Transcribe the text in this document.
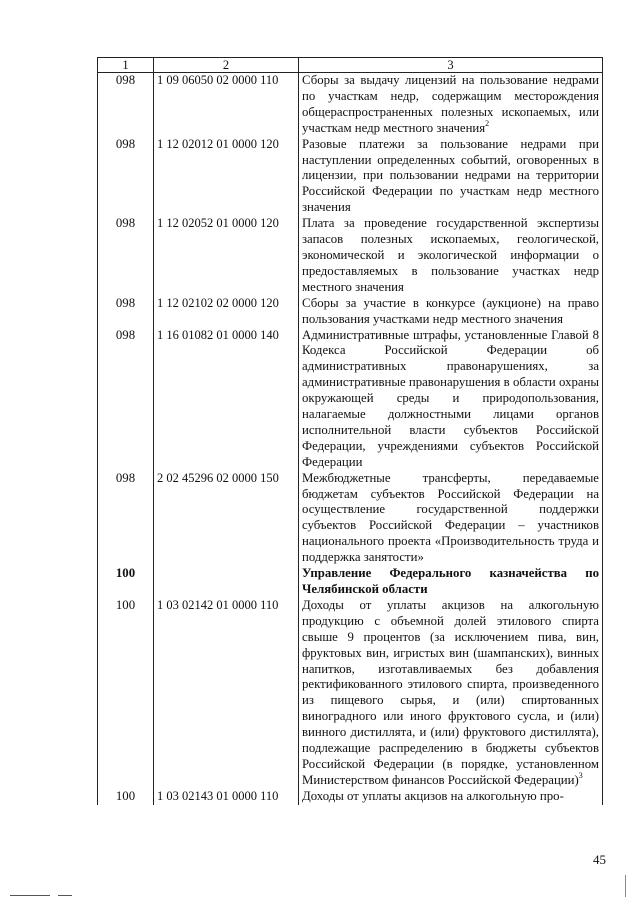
1	2	3
098	1 09 06050 02 0000 110	Сборы за выдачу лицензий на пользование недрами по участкам недр, содержащим месторождения общераспространенных полезных ископаемых, или участкам недр местного значения$^2$
098	1 12 02012 01 0000 120	Разовые платежи за пользование недрами при наступлении определенных событий, оговоренных в лицензии, при пользовании недрами на территории Российской Федерации по участкам недр местного значения
098	1 12 02052 01 0000 120	Плата за проведение государственной экспертизы запасов полезных ископаемых, геологической, экономической и экологической информации о предоставляемых в пользование участках недр местного значения
098	1 12 02102 02 0000 120	Сборы за участие в конкурсе (аукционе) на право пользования участками недр местного значения
098	1 16 01082 01 0000 140	Административные штрафы, установленные Главой 8 Кодекса Российской Федерации об административных правонарушениях, за административные правонарушения в области охраны окружающей среды и природопользования, налагаемые должностными лицами органов исполнительной власти субъектов Российской Федерации, учреждениями субъектов Российской Федерации
098	2 02 45296 02 0000 150	Межбюджетные трансферты, передаваемые бюджетам субъектов Российской Федерации на осуществление государственной поддержки субъектов Российской Федерации – участников национального проекта «Производительность труда и поддержка занятости»
100		Управление Федерального казначейства по Челябинской области
100	1 03 02142 01 0000 110	Доходы от уплаты акцизов на алкогольную продукцию с объемной долей этилового спирта свыше 9 процентов (за исключением пива, вин, фруктовых вин, игристых вин (шампанских), винных напитков, изготавливаемых без добавления ректификованного этилового спирта, произведенного из пищевого сырья, и (или) спиртованных виноградного или иного фруктового сусла, и (или) винного дистиллята, и (или) фруктового дистиллята), подлежащие распределению в бюджеты субъектов Российской Федерации (в порядке, установленном Министерством финансов Российской Федерации)$^3$
100	1 03 02143 01 0000 110	Доходы от уплаты акцизов на алкогольную про-
45
